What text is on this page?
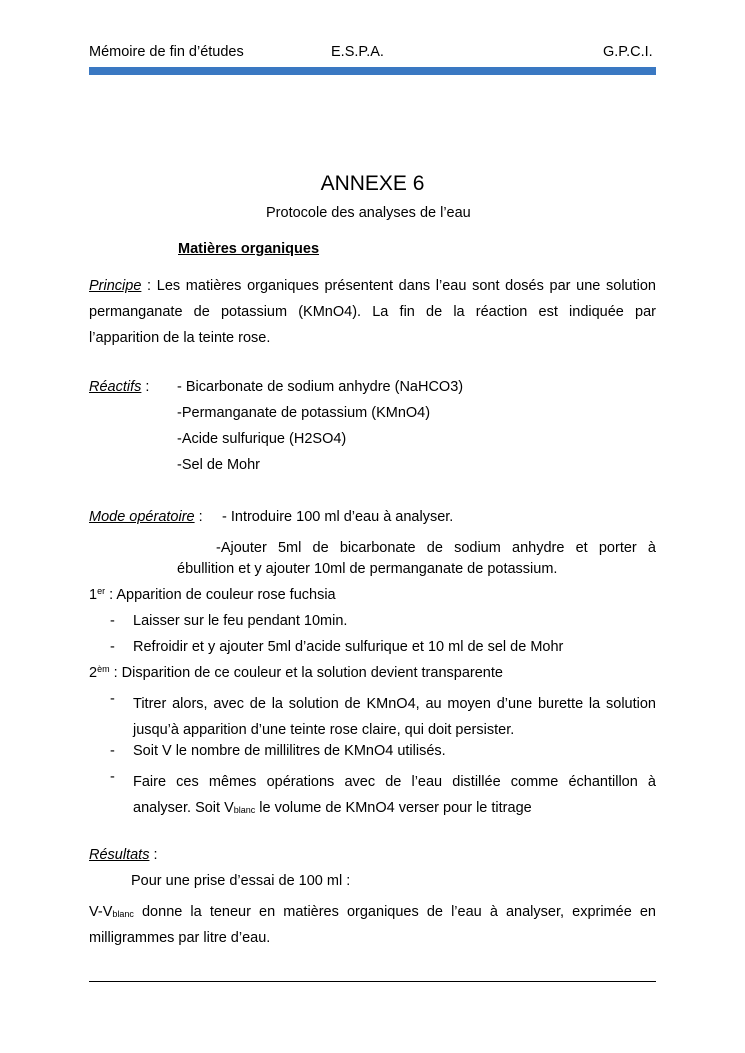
Mémoire de fin d’études	E.S.P.A.	G.P.C.I.
ANNEXE 6
Protocole des analyses de l’eau
Matières organiques
Principe : Les matières organiques présentent dans l’eau sont dosés par une solution
permanganate de potassium (KMnO4). La fin de la réaction est indiquée par
l’apparition de la teinte rose.
Réactifs : - Bicarbonate de sodium anhydre (NaHCO3)
-Permanganate de potassium (KMnO4)
-Acide sulfurique (H2SO4)
-Sel de Mohr
Mode opératoire : - Introduire 100 ml d’eau à analyser.
-Ajouter 5ml de bicarbonate de sodium anhydre et porter à
ébullition et y ajouter 10ml de permanganate de potassium.
1er : Apparition de couleur rose fuchsia
- Laisser sur le feu pendant 10min.
- Refroidir et y ajouter 5ml d’acide sulfurique et 10 ml de sel de Mohr
$2^{èm}$ : Disparition de ce couleur et la solution devient transparente
- Titrer alors, avec de la solution de KMnO4, au moyen d’une burette la solution
jusqu’à apparition d’une teinte rose claire, qui doit persister.
- Soit V le nombre de millilitres de KMnO4 utilisés.
- Faire ces mêmes opérations avec de l’eau distillée comme échantillon à
analyser. Soit $V_{blanc}$ le volume de KMnO4 verser pour le titrage
Résultats :
Pour une prise d’essai de 100 ml :
$V-V_{blanc}$ donne la teneur en matières organiques de l’eau à analyser, exprimée en
milligrammes par litre d’eau.
